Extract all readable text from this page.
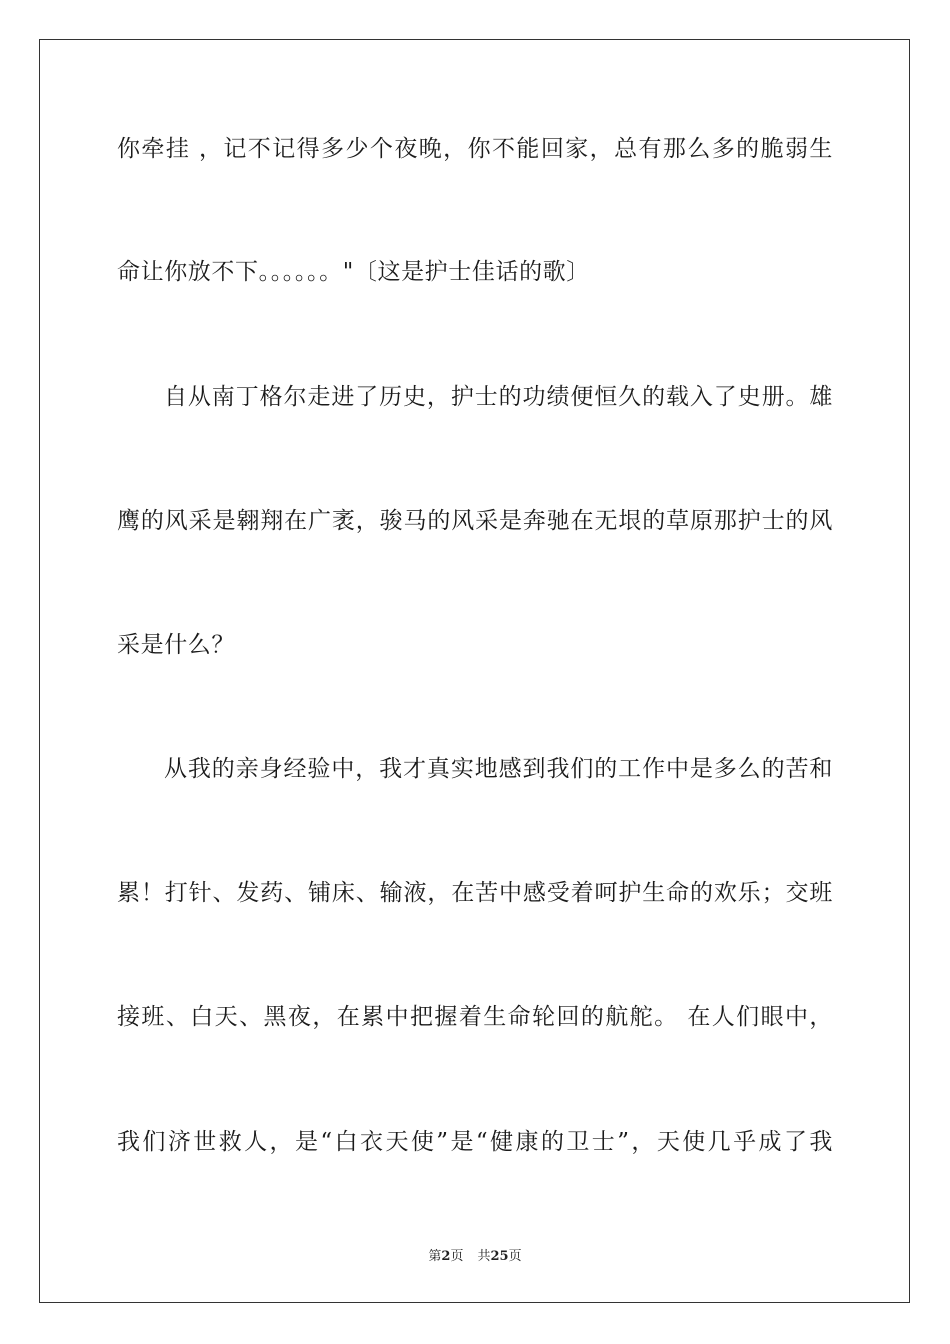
你牵挂 ，记不记得多少个夜晚，你不能回家，总有那么多的脆弱生
命让你放不下。。。。。。"〔这是护士佳话的歌〕
自从南丁格尔走进了历史，护士的功绩便恒久的载入了史册。雄
鹰的风采是翱翔在广袤，骏马的风采是奔驰在无垠的草原那护士的风
采是什么？
从我的亲身经验中，我才真实地感到我们的工作中是多么的苦和
累！打针、发药、铺床、输液，在苦中感受着呵护生命的欢乐；交班
接班、白天、黑夜，在累中把握着生命轮回的航舵。 在人们眼中，
我们济世救人，是“白衣天使”是“健康的卫士”，天使几乎成了我
第2页 共25页
